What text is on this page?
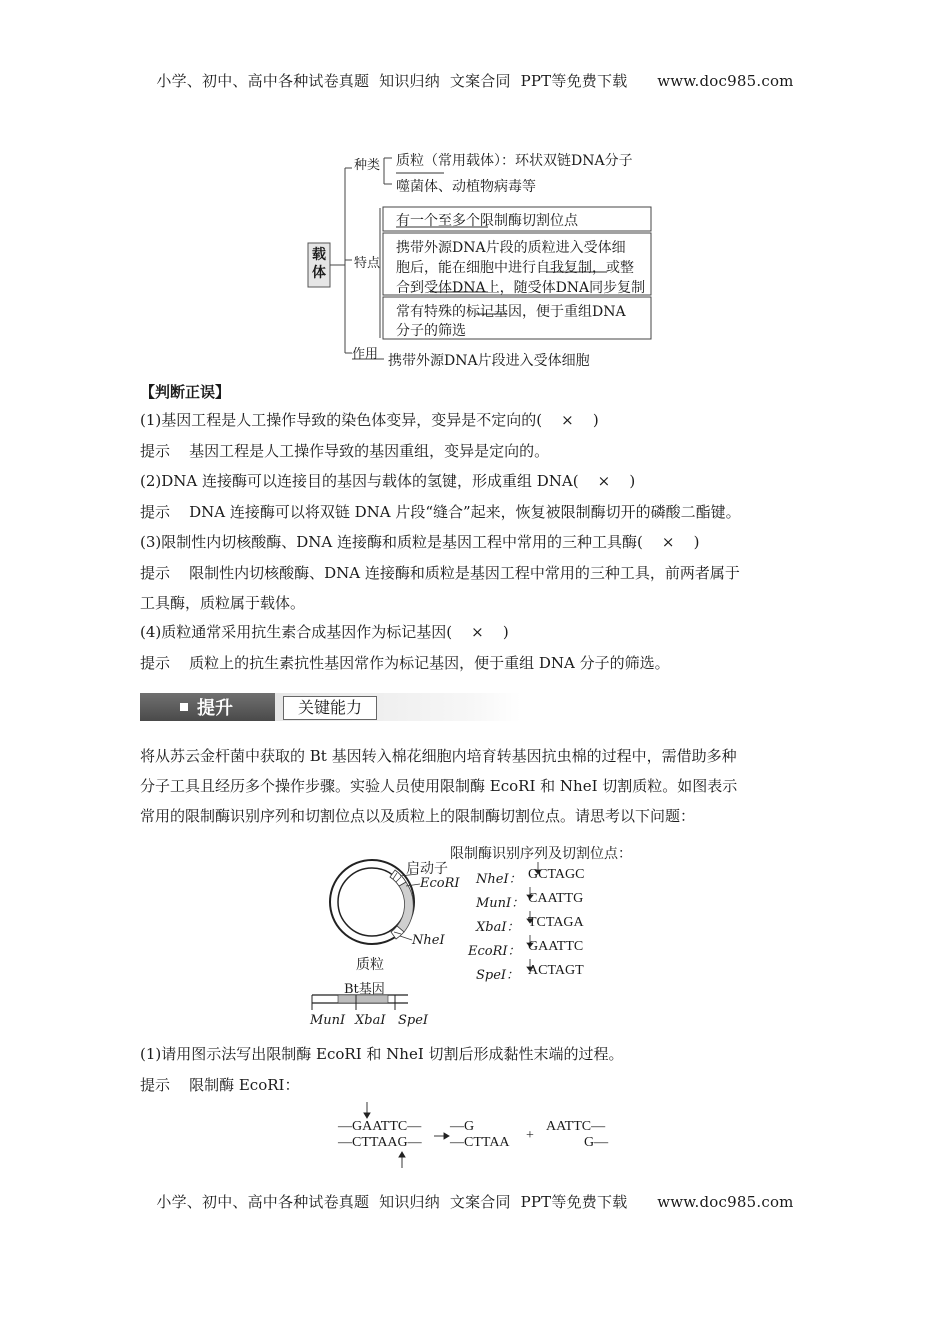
小学、初中、高中各种试卷真题  知识归纳  文案合同  PPT等免费下载      www.doc985.com
载体
种类 质粒（常用载体）：环状双链DNA分子
噬菌体、动植物病毒等
特点
有一个至多个限制酶切割位点
携带外源DNA片段的质粒进入受体细
胞后，能在细胞中进行自我复制，或整
合到受体DNA上，随受体DNA同步复制
常有特殊的标记基因，便于重组DNA
分子的筛选
作用 携带外源DNA片段进入受体细胞
【判断正误】
(1)基因工程是人工操作导致的染色体变异，变异是不定向的(    ×    )
提示    基因工程是人工操作导致的基因重组，变异是定向的。
(2)DNA 连接酶可以连接目的基因与载体的氢键，形成重组 DNA(    ×    )
提示    DNA 连接酶可以将双链 DNA 片段“缝合”起来，恢复被限制酶切开的磷酸二酯键。
(3)限制性内切核酸酶、DNA 连接酶和质粒是基因工程中常用的三种工具酶(    ×    )
提示    限制性内切核酸酶、DNA 连接酶和质粒是基因工程中常用的三种工具，前两者属于
工具酶，质粒属于载体。
(4)质粒通常采用抗生素合成基因作为标记基因(    ×    )
提示    质粒上的抗生素抗性基因常作为标记基因，便于重组 DNA 分子的筛选。
提升	关键能力
将从苏云金杆菌中获取的 Bt 基因转入棉花细胞内培育转基因抗虫棉的过程中，需借助多种
分子工具且经历多个操作步骤。实验人员使用限制酶 EcoRⅠ 和 NheⅠ 切割质粒。如图表示
常用的限制酶识别序列和切割位点以及质粒上的限制酶切割位点。请思考以下问题：
限制酶识别序列及切割位点：
启动子
EcoRⅠ
NheⅠ
质粒
Bt基因
MunⅠ XbaⅠ SpeⅠ
NheⅠ： GCTAGC
MunⅠ： CAATTG
XbaⅠ： TCTAGA
EcoRⅠ： GAATTC
SpeⅠ： ACTAGT
(1)请用图示法写出限制酶 EcoRⅠ 和 NheⅠ 切割后形成黏性末端的过程。
提示    限制酶 EcoRⅠ：
—GAATTC—
—CTTAAG—
—G
—CTTAA +
AATTC—
G—
小学、初中、高中各种试卷真题  知识归纳  文案合同  PPT等免费下载      www.doc985.com
